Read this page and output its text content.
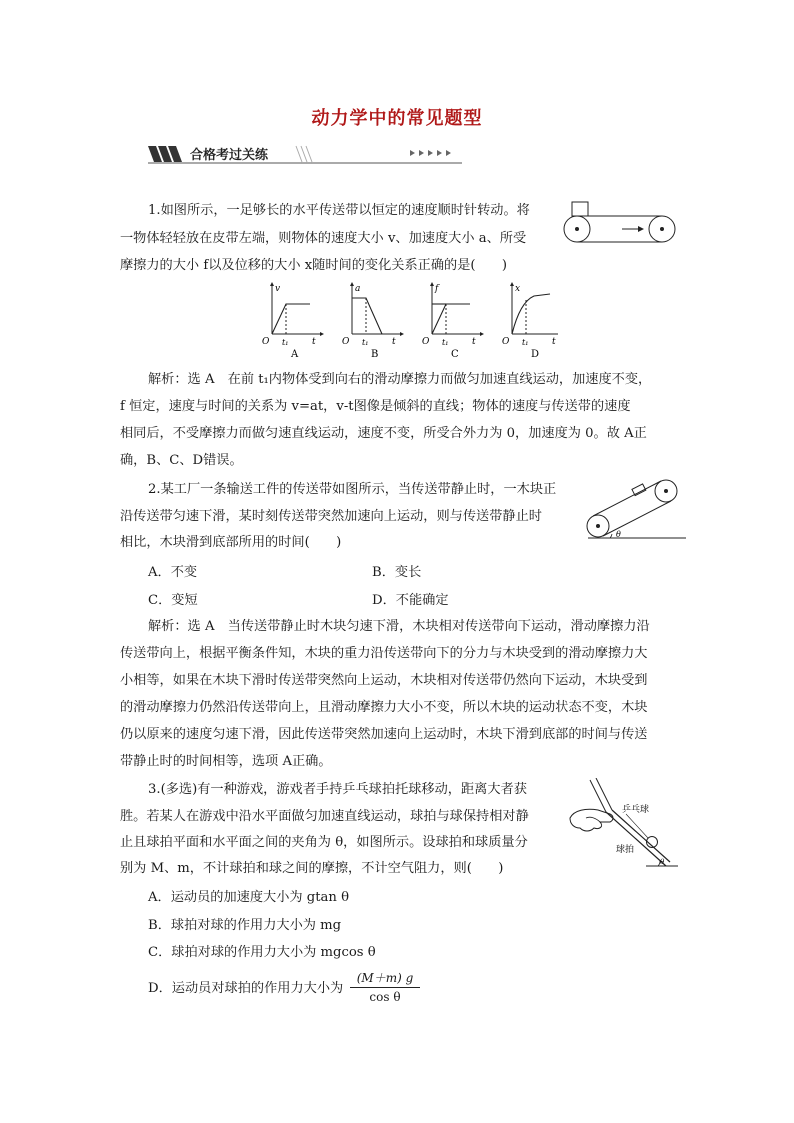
动力学中的常见题型
合格考过关练
1.如图所示，一足够长的水平传送带以恒定的速度顺时针转动。将
一物体轻轻放在皮带左端，则物体的速度大小 v、加速度大小 a、所受
摩擦力的大小 f以及位移的大小 x随时间的变化关系正确的是(　　)
v
t
O t₁
A
a
t
O t₁
B
f
t
O t₁
C
x
t
O t₁
D
解析：选 A　在前 t₁内物体受到向右的滑动摩擦力而做匀加速直线运动，加速度不变，
f 恒定，速度与时间的关系为 v=at，v-t图像是倾斜的直线；物体的速度与传送带的速度
相同后，不受摩擦力而做匀速直线运动，速度不变，所受合外力为 0，加速度为 0。故 A正
确，B、C、D错误。
2.某工厂一条输送工件的传送带如图所示，当传送带静止时，一木块正
沿传送带匀速下滑，某时刻传送带突然加速向上运动，则与传送带静止时
相比，木块滑到底部所用的时间(　　)
θ
A．不变	B．变长
C．变短	D．不能确定
解析：选 A　当传送带静止时木块匀速下滑，木块相对传送带向下运动，滑动摩擦力沿
传送带向上，根据平衡条件知，木块的重力沿传送带向下的分力与木块受到的滑动摩擦力大
小相等，如果在木块下滑时传送带突然向上运动，木块相对传送带仍然向下运动，木块受到
的滑动摩擦力仍然沿传送带向上，且滑动摩擦力大小不变，所以木块的运动状态不变，木块
仍以原来的速度匀速下滑，因此传送带突然加速向上运动时，木块下滑到底部的时间与传送
带静止时的时间相等，选项 A正确。
3.(多选)有一种游戏，游戏者手持乒乓球拍托球移动，距离大者获
胜。若某人在游戏中沿水平面做匀加速直线运动，球拍与球保持相对静
止且球拍平面和水平面之间的夹角为 θ，如图所示。设球拍和球质量分
别为 M、m，不计球拍和球之间的摩擦，不计空气阻力，则(　　)	θ
乒乓球
球拍
A．运动员的加速度大小为 gtan θ
B．球拍对球的作用力大小为 mg
C．球拍对球的作用力大小为 mgcos θ
D．运动员对球拍的作用力大小为 $\frac{(M+m) g}{\text{cos θ}}$
